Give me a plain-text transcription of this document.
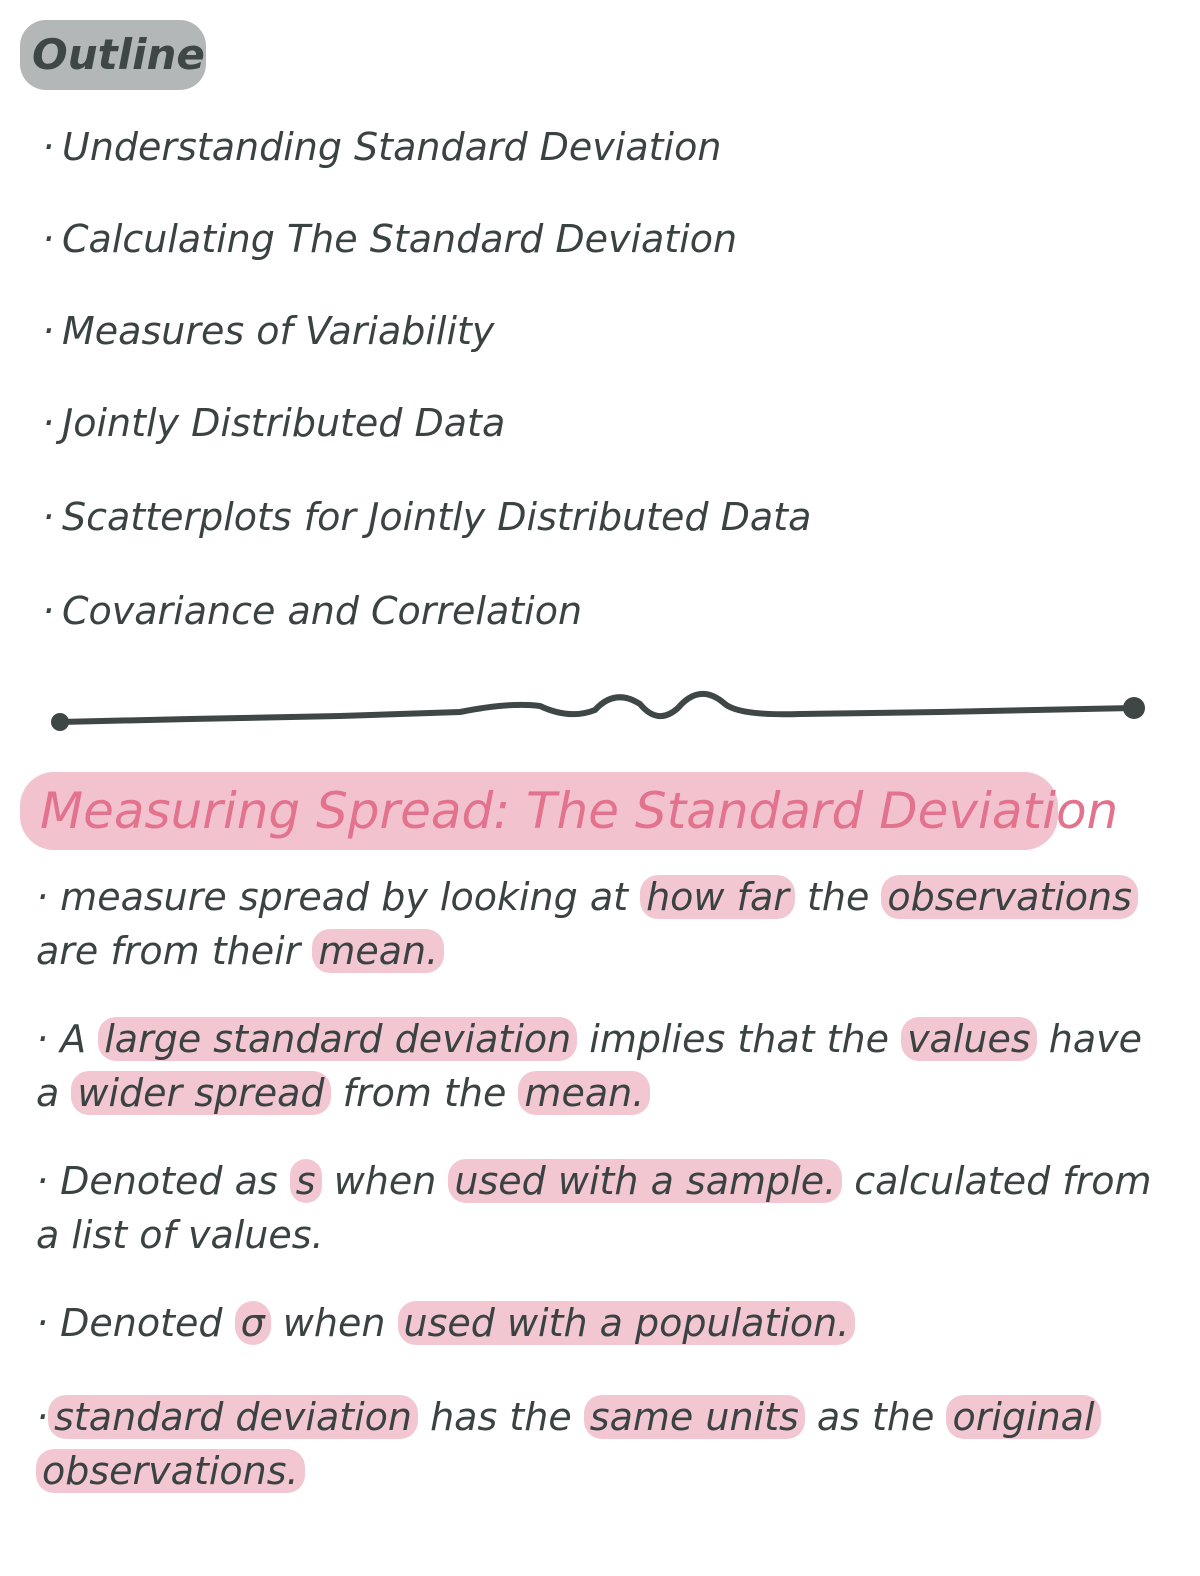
Outline
· Understanding Standard Deviation
· Calculating The Standard Deviation
· Measures of Variability
· Jointly Distributed Data
· Scatterplots for Jointly Distributed Data
· Covariance and Correlation
Measuring Spread: The Standard Deviation
· measure spread by looking at how far the observations are from their mean.
· A large standard deviation implies that the values have a wider spread from the mean.
· Denoted as s when used with a sample. calculated from a list of values.
· Denoted σ when used with a population.
· standard deviation has the same units as the original observations.
